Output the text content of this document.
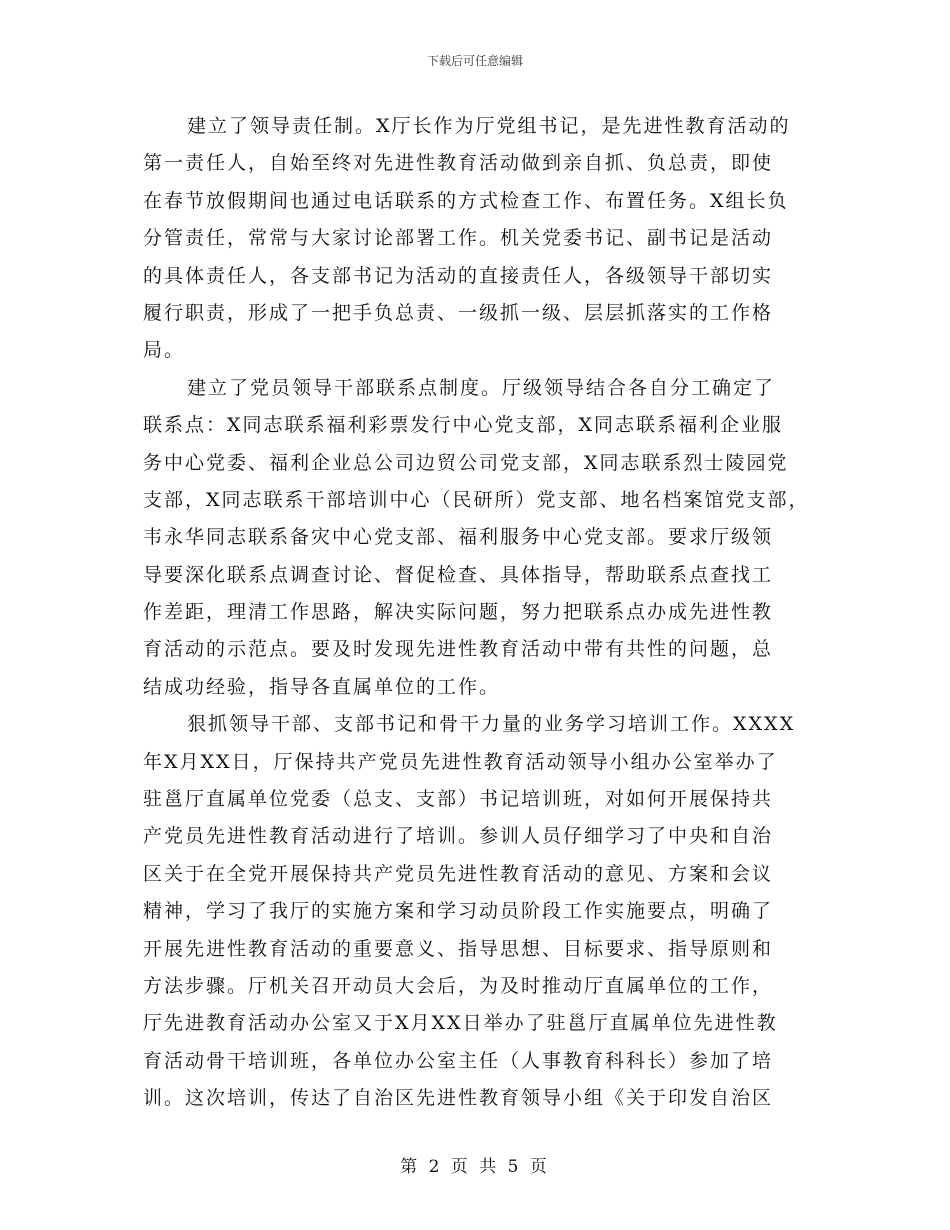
下载后可任意编辑
建立了领导责任制。X厅长作为厅党组书记，是先进性教育活动的
第一责任人，自始至终对先进性教育活动做到亲自抓、负总责，即使
在春节放假期间也通过电话联系的方式检查工作、布置任务。X组长负
分管责任，常常与大家讨论部署工作。机关党委书记、副书记是活动
的具体责任人，各支部书记为活动的直接责任人，各级领导干部切实
履行职责，形成了一把手负总责、一级抓一级、层层抓落实的工作格
局。
建立了党员领导干部联系点制度。厅级领导结合各自分工确定了
联系点：X同志联系福利彩票发行中心党支部，X同志联系福利企业服
务中心党委、福利企业总公司边贸公司党支部，X同志联系烈士陵园党
支部，X同志联系干部培训中心（民研所）党支部、地名档案馆党支部，
韦永华同志联系备灾中心党支部、福利服务中心党支部。要求厅级领
导要深化联系点调查讨论、督促检查、具体指导，帮助联系点查找工
作差距，理清工作思路，解决实际问题，努力把联系点办成先进性教
育活动的示范点。要及时发现先进性教育活动中带有共性的问题，总
结成功经验，指导各直属单位的工作。
狠抓领导干部、支部书记和骨干力量的业务学习培训工作。XXXX
年X月XX日，厅保持共产党员先进性教育活动领导小组办公室举办了
驻邕厅直属单位党委（总支、支部）书记培训班，对如何开展保持共
产党员先进性教育活动进行了培训。参训人员仔细学习了中央和自治
区关于在全党开展保持共产党员先进性教育活动的意见、方案和会议
精神，学习了我厅的实施方案和学习动员阶段工作实施要点，明确了
开展先进性教育活动的重要意义、指导思想、目标要求、指导原则和
方法步骤。厅机关召开动员大会后，为及时推动厅直属单位的工作，
厅先进教育活动办公室又于X月XX日举办了驻邕厅直属单位先进性教
育活动骨干培训班，各单位办公室主任（人事教育科科长）参加了培
训。这次培训，传达了自治区先进性教育领导小组《关于印发自治区
第 2 页 共 5 页
